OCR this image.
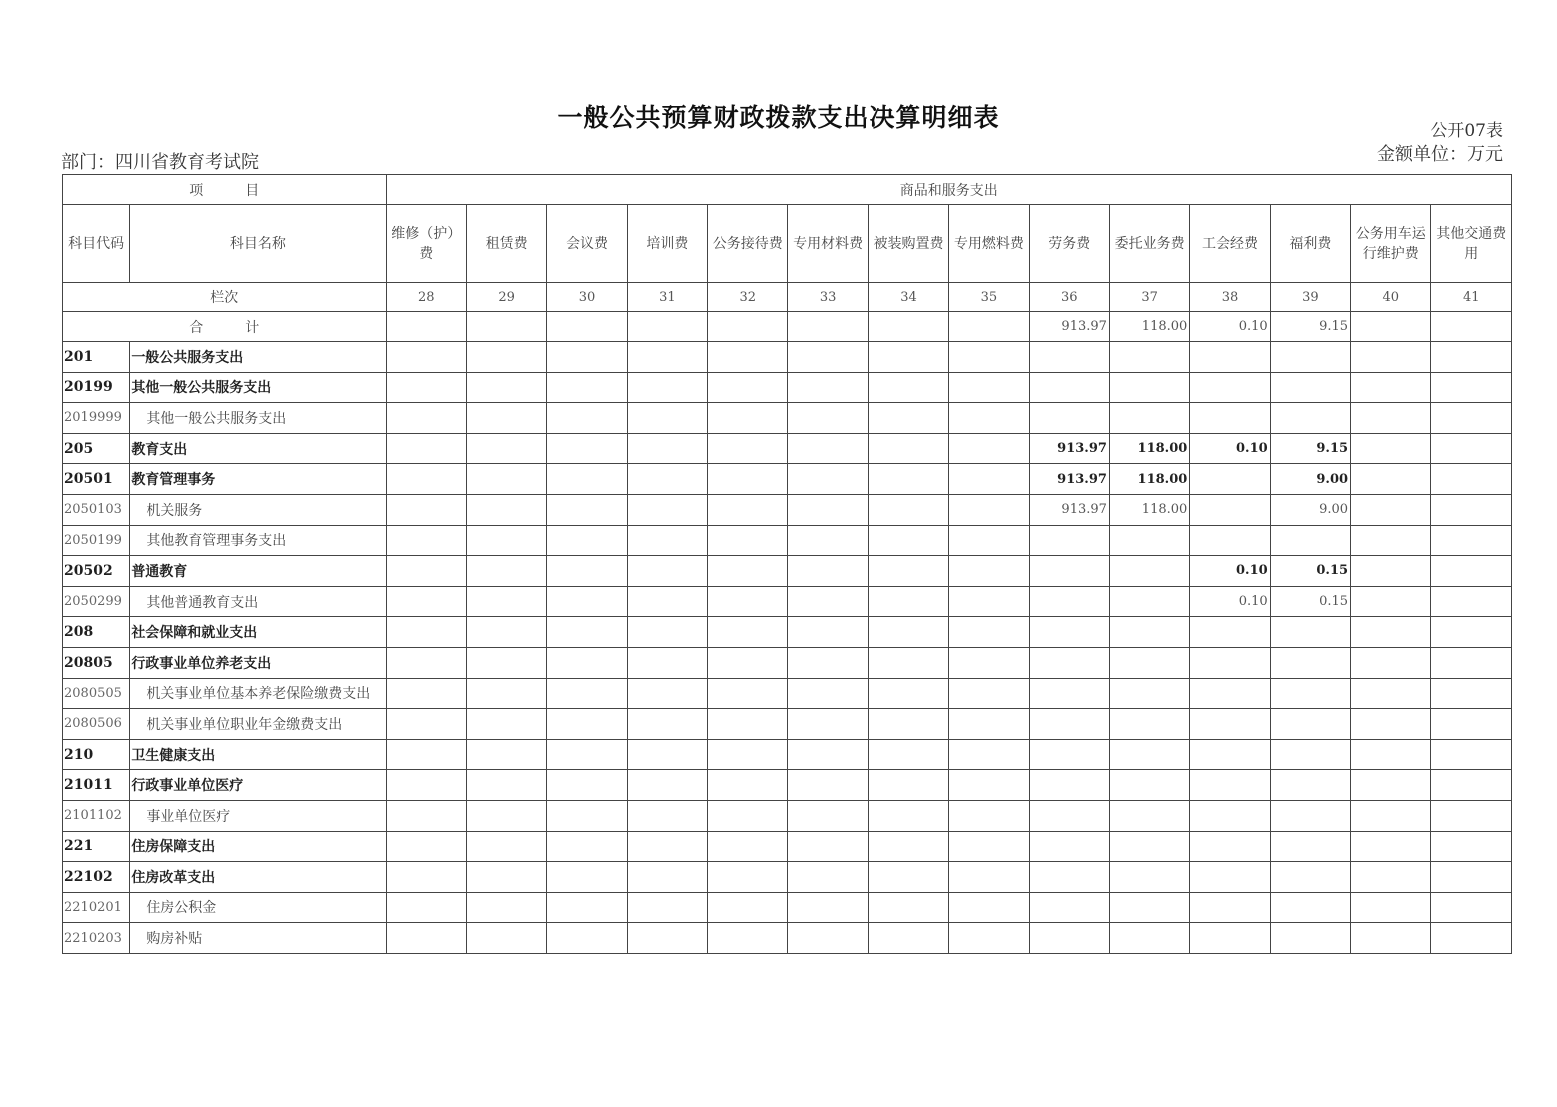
一般公共预算财政拨款支出决算明细表	公开07表
金额单位：万元
部门：四川省教育考试院
项　　　目		商品和服务支出													
科目代码	科目名称	维修（护）费	租赁费	会议费	培训费	公务接待费	专用材料费	被装购置费	专用燃料费	劳务费	委托业务费	工会经费	福利费	公务用车运行维护费	其他交通费用
栏次		28	29	30	31	32	33	34	35	36	37	38	39	40	41
合　　　计										913.97	118.00	0.10	9.15		
201	一般公共服务支出														
20199	其他一般公共服务支出														
2019999	其他一般公共服务支出														
205	教育支出									913.97	118.00	0.10	9.15		
20501	教育管理事务									913.97	118.00		9.00		
2050103	机关服务									913.97	118.00		9.00		
2050199	其他教育管理事务支出														
20502	普通教育											0.10	0.15		
2050299	其他普通教育支出											0.10	0.15		
208	社会保障和就业支出														
20805	行政事业单位养老支出														
2080505	机关事业单位基本养老保险缴费支出														
2080506	机关事业单位职业年金缴费支出														
210	卫生健康支出														
21011	行政事业单位医疗														
2101102	事业单位医疗														
221	住房保障支出														
22102	住房改革支出														
2210201	住房公积金														
2210203	购房补贴														
